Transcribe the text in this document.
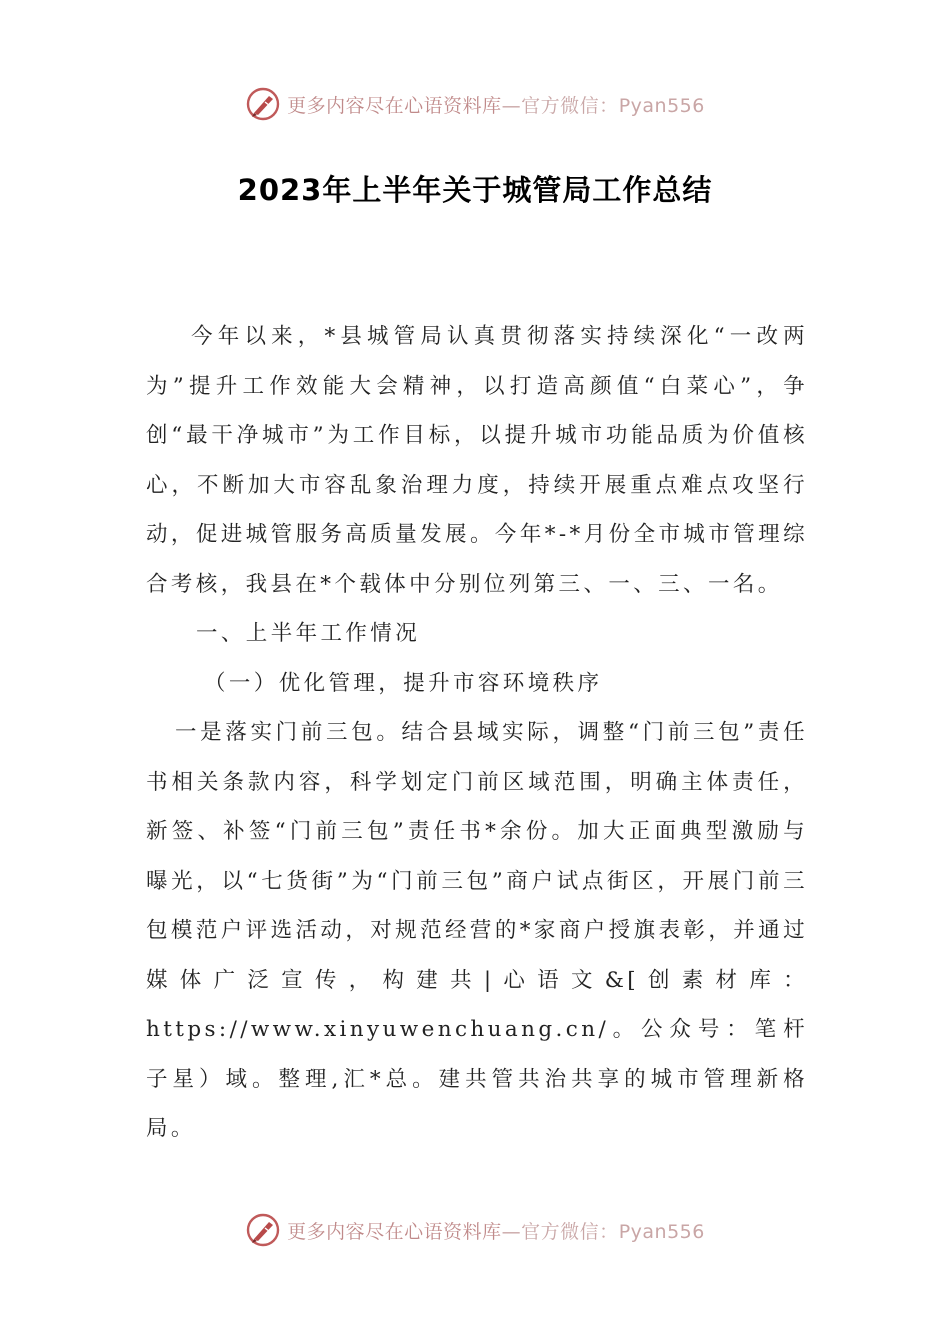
更多内容尽在心语资料库—官方微信：Pyan556
2023年上半年关于城管局工作总结

今年以来，*县城管局认真贯彻落实持续深化“一改两为”提升工作效能大会精神，以打造高颜值“白菜心”，争创“最干净城市”为工作目标，以提升城市功能品质为价值核心，不断加大市容乱象治理力度，持续开展重点难点攻坚行动，促进城管服务高质量发展。今年*-*月份全市城市管理综合考核，我县在*个载体中分别位列第三、一、三、一名。

一、上半年工作情况

（一）优化管理，提升市容环境秩序

一是落实门前三包。结合县域实际，调整“门前三包”责任书相关条款内容，科学划定门前区域范围，明确主体责任，新签、补签“门前三包”责任书*余份。加大正面典型激励与曝光，以“七货街”为“门前三包”商户试点街区，开展门前三包模范户评选活动，对规范经营的*家商户授旗表彰，并通过媒体广泛宣传，构建共|心语文&[创素材库：https://www.xinyuwenchuang.cn/。公众号：笔杆子星）域。整理,汇*总。建共管共治共享的城市管理新格局。

更多内容尽在心语资料库—官方微信：Pyan556
